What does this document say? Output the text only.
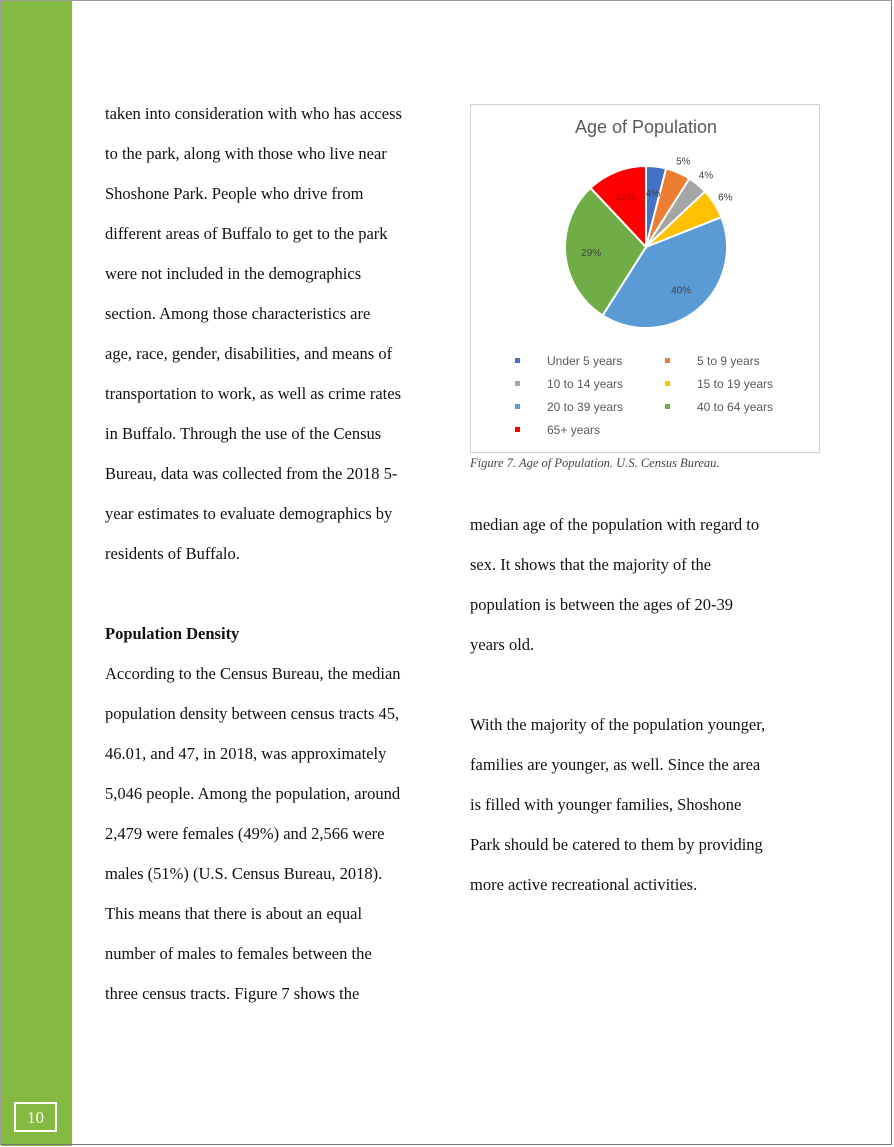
10
taken into consideration with who has access
to the park, along with those who live near
Shoshone Park. People who drive from
different areas of Buffalo to get to the park
were not included in the demographics
section. Among those characteristics are
age, race, gender, disabilities, and means of
transportation to work, as well as crime rates
in Buffalo. Through the use of the Census
Bureau, data was collected from the 2018 5-
year estimates to evaluate demographics by
residents of Buffalo.
Population Density
According to the Census Bureau, the median
population density between census tracts 45,
46.01, and 47, in 2018, was approximately
5,046 people. Among the population, around
2,479 were females (49%) and 2,566 were
males (51%) (U.S. Census Bureau, 2018).
This means that there is about an equal
number of males to females between the
three census tracts. Figure 7 shows the
Age of Population
4%
5%
4%
6%
40%
29%
12%
Under 5 years	5 to 9 years
10 to 14 years	15 to 19 years
20 to 39 years	40 to 64 years
65+ years
Figure 7. Age of Population. U.S. Census Bureau.
median age of the population with regard to
sex. It shows that the majority of the
population is between the ages of 20-39
years old.
With the majority of the population younger,
families are younger, as well. Since the area
is filled with younger families, Shoshone
Park should be catered to them by providing
more active recreational activities.
